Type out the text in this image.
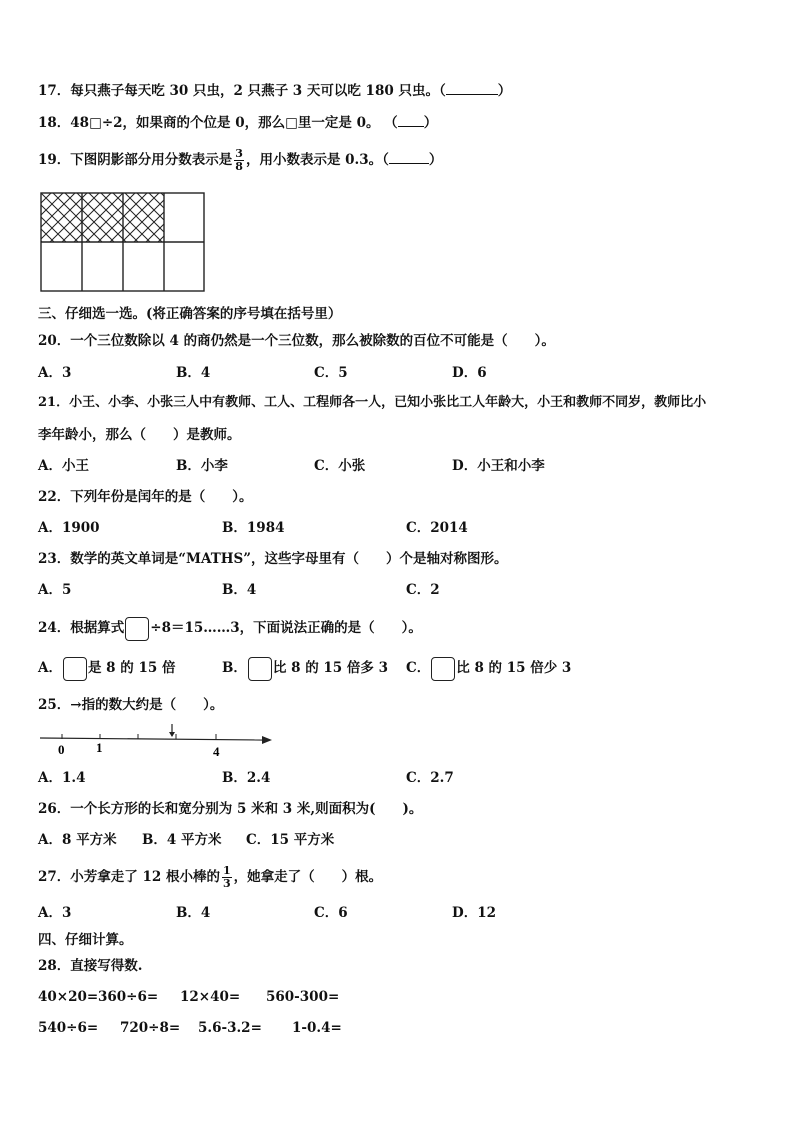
17．每只燕子每天吃 30 只虫，2 只燕子 3 天可以吃 180 只虫。（	）
18．48□÷2，如果商的个位是 0，那么□里一定是 0。 （ ）
19．下图阴影部分用分数表示是 $\frac{3}{8}$ ，用小数表示是 0.3。（	）
三、仔细选一选。(将正确答案的序号填在括号里）
20．一个三位数除以 4 的商仍然是一个三位数，那么被除数的百位不可能是（　　）。
A．3	B．4	C．5	D．6
21．小王、小李、小张三人中有教师、工人、工程师各一人，已知小张比工人年龄大，小王和教师不同岁，教师比小
李年龄小，那么（　　）是教师。
A．小王	B．小李	C．小张	D．小王和小李
22．下列年份是闰年的是（　　）。
A．1900	B．1984	C．2014
23．数学的英文单词是“MATHS”，这些字母里有（　　）个是轴对称图形。
A．5	B．4	C．2
24．根据算式 ÷8＝15……3，下面说法正确的是（　　）。
A． 是 8 的 15 倍	B． 比 8 的 15 倍多 3 C． 比 8 的 15 倍少 3
25．→指的数大约是（　　）。
0 1	4
A．1.4	B．2.4	C．2.7
26．一个长方形的长和宽分别为 5 米和 3 米,则面积为(　　)。
A．8 平方米 B．4 平方米 C．15 平方米
27．小芳拿走了 12 根小棒的 $\frac{1}{3}$ ，她拿走了（　　）根。
A．3	B．4	C．6	D．12
四、仔细计算。
28．直接写得数.
40×20= 360÷6= 12×40= 560-300=
540÷6= 720÷8= 5.6-3.2= 1-0.4=
